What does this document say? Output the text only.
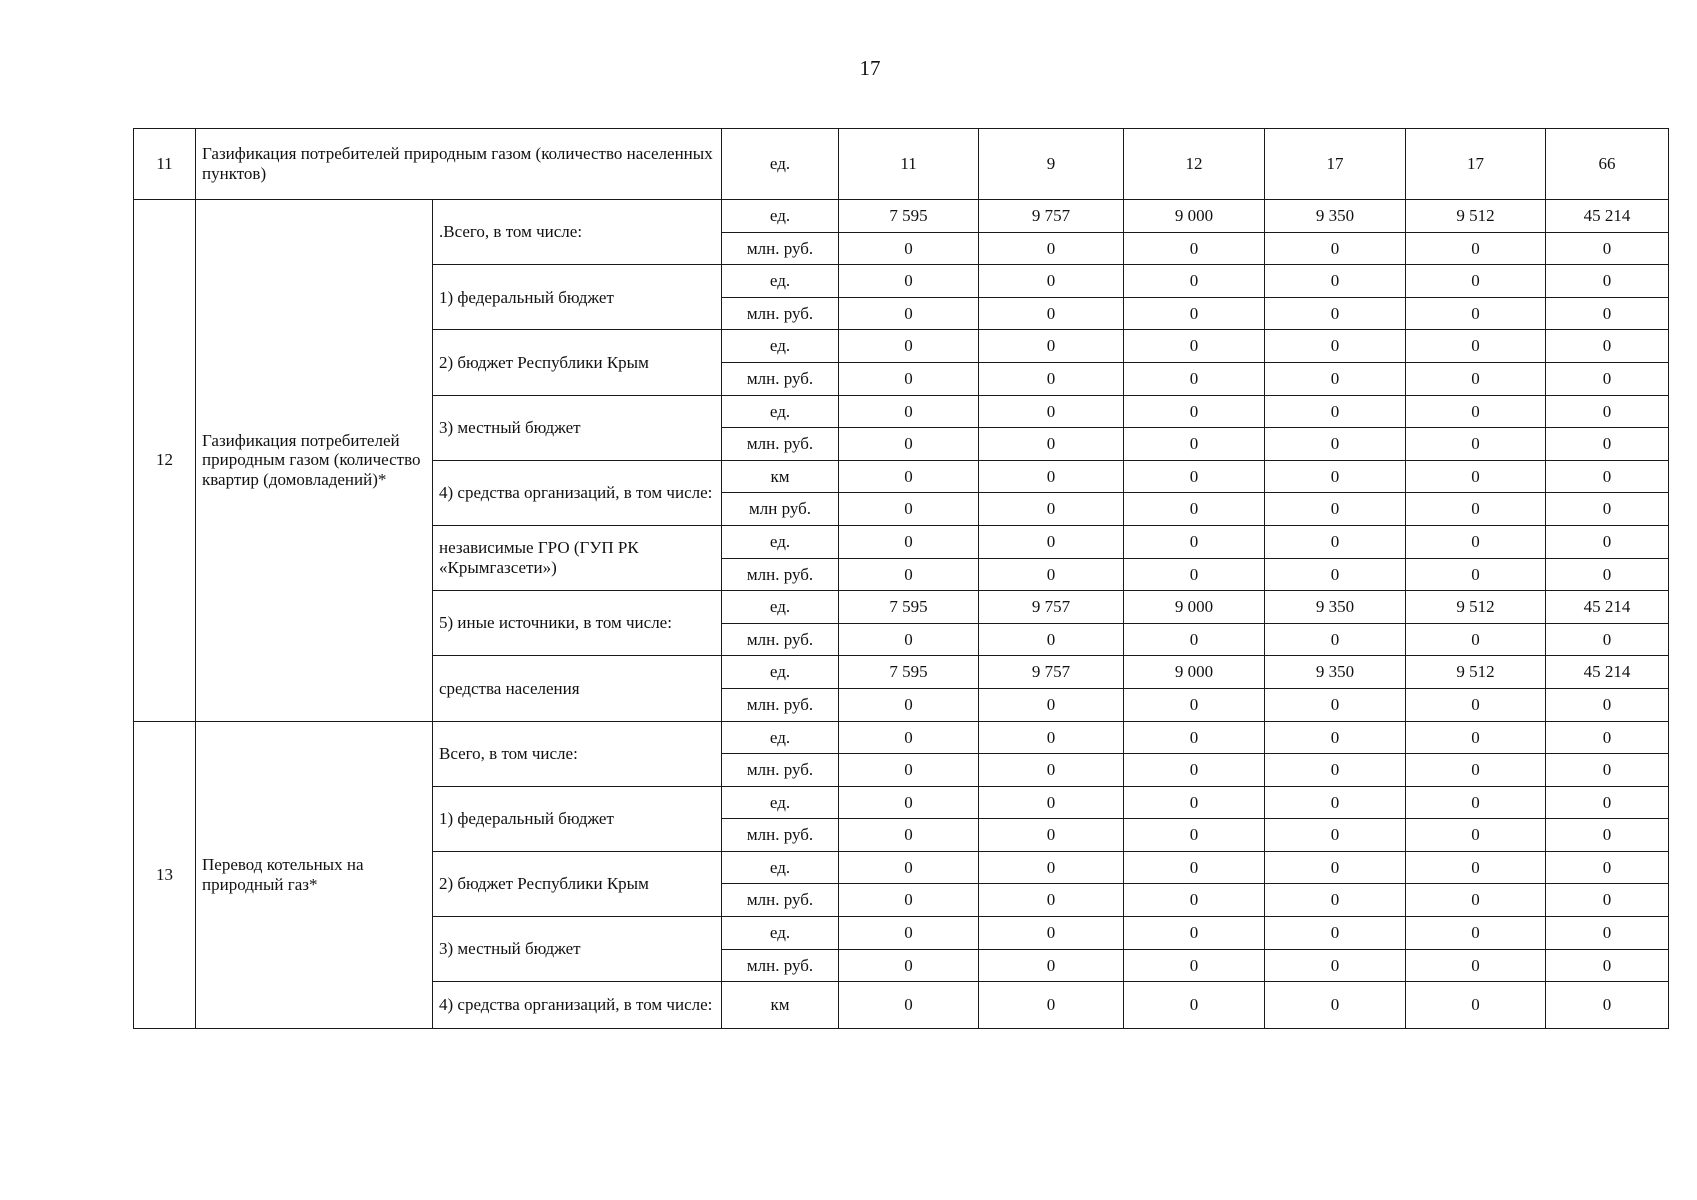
17
11	Газификация потребителей природным газом (количество населенных пунктов)		ед.	11	9	12	17	17	66
12	Газификация потребителей природным газом (количество квартир (домовладений)*	.Всего, в том числе:	ед.	7 595	9 757	9 000	9 350	9 512	45 214
			млн. руб.	0	0	0	0	0	0
		1) федеральный бюджет	ед.	0	0	0	0	0	0
			млн. руб.	0	0	0	0	0	0
		2) бюджет Республики Крым	ед.	0	0	0	0	0	0
			млн. руб.	0	0	0	0	0	0
		3) местный бюджет	ед.	0	0	0	0	0	0
			млн. руб.	0	0	0	0	0	0
		4) средства организаций, в том числе:	км	0	0	0	0	0	0
			млн руб.	0	0	0	0	0	0
		независимые ГРО (ГУП РК «Крымгазсети»)	ед.	0	0	0	0	0	0
			млн. руб.	0	0	0	0	0	0
		5) иные источники, в том числе:	ед.	7 595	9 757	9 000	9 350	9 512	45 214
			млн. руб.	0	0	0	0	0	0
		средства населения	ед.	7 595	9 757	9 000	9 350	9 512	45 214
			млн. руб.	0	0	0	0	0	0
13	Перевод котельных на природный газ*	Всего, в том числе:	ед.	0	0	0	0	0	0
			млн. руб.	0	0	0	0	0	0
		1) федеральный бюджет	ед.	0	0	0	0	0	0
			млн. руб.	0	0	0	0	0	0
		2) бюджет Республики Крым	ед.	0	0	0	0	0	0
			млн. руб.	0	0	0	0	0	0
		3) местный бюджет	ед.	0	0	0	0	0	0
			млн. руб.	0	0	0	0	0	0
		4) средства организаций, в том числе:	км	0	0	0	0	0	0
